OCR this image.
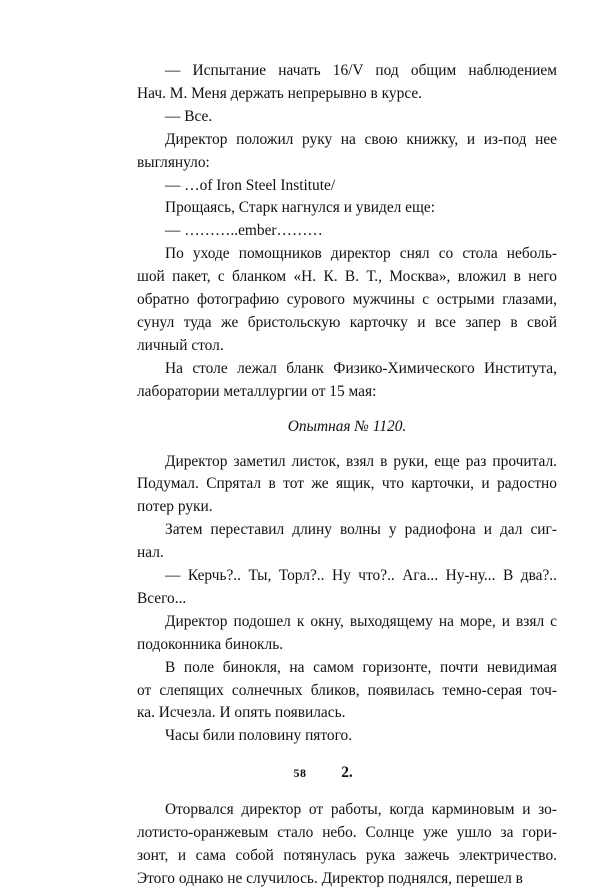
— Испытание начать 16/V под общим наблюдением

Нач. М. Меня держать непрерывно в курсе.

— Все.

Директор положил руку на свою книжку, и из-под нее

выглянуло:

— …of Iron Steel Institute/

Прощаясь, Старк нагнулся и увидел еще:

— ………..ember………

По уходе помощников директор снял со стола неболь-

шой пакет, с бланком «Н. К. В. Т., Москва», вложил в него

обратно фотографию сурового мужчины с острыми глазами,

сунул туда же бристольскую карточку и все запер в свой

личный стол.

На столе лежал бланк Физико-Химического Института,

лаборатории металлургии от 15 мая:

Опытная № 1120.

Директор заметил листок, взял в руки, еще раз прочитал.

Подумал. Спрятал в тот же ящик, что карточки, и радостно

потер руки.

Затем переставил длину волны у радиофона и дал сиг-

нал.

— Керчь?.. Ты, Торл?.. Ну что?.. Ага... Ну-ну... В два?..

Всего...

Директор подошел к окну, выходящему на море, и взял с

подоконника бинокль.

В поле бинокля, на самом горизонте, почти невидимая

от слепящих солнечных бликов, появилась темно-серая точ-

ка. Исчезла. И опять появилась.

Часы били половину пятого.

2.

Оторвался директор от работы, когда карминовым и зо-

лотисто-оранжевым стало небо. Солнце уже ушло за гори-

зонт, и сама собой потянулась рука зажечь электричество.

Этого однако не случилось. Директор поднялся, перешел в

58
